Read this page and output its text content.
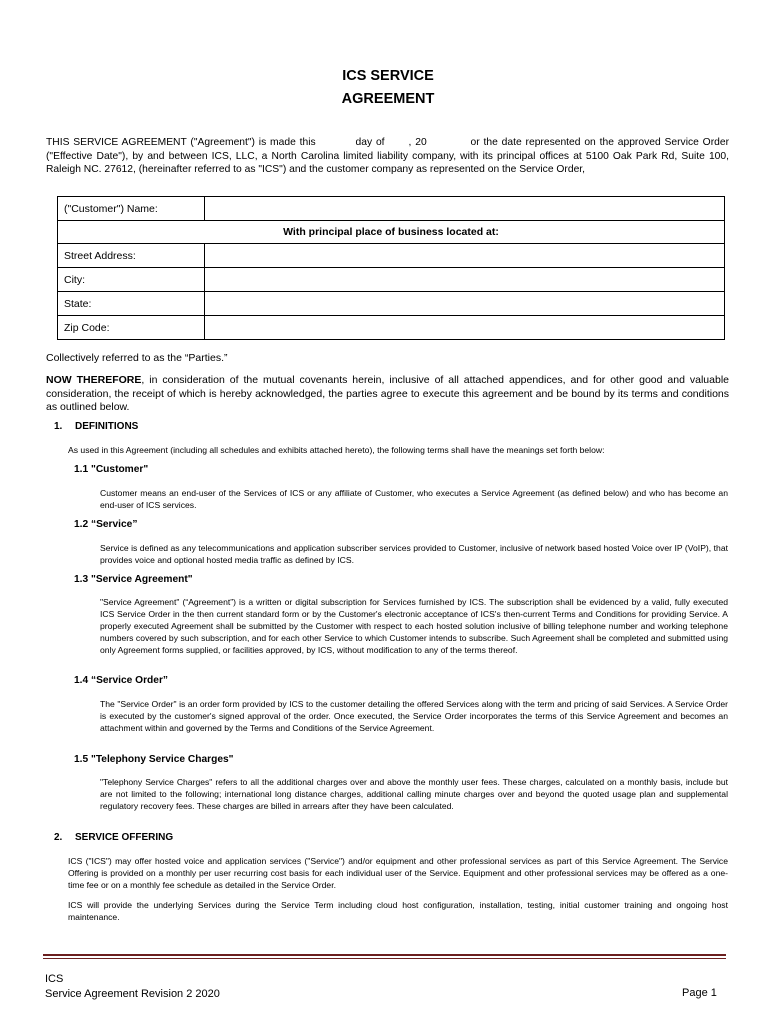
ICS SERVICE
AGREEMENT
THIS SERVICE AGREEMENT ("Agreement") is made this	day of , 20	or the date represented on the approved Service Order ("Effective Date"), by and between ICS, LLC, a North Carolina limited liability company, with its principal offices at 5100 Oak Park Rd, Suite 100, Raleigh NC. 27612, (hereinafter referred to as "ICS") and the customer company as represented on the Service Order,
("Customer") Name:	
With principal place of business located at:	
Street Address:	
City:	
State:	
Zip Code:	
Collectively referred to as the “Parties.”
NOW THEREFORE, in consideration of the mutual covenants herein, inclusive of all attached appendices, and for other good and valuable consideration, the receipt of which is hereby acknowledged, the parties agree to execute this agreement and be bound by its terms and conditions as outlined below.
1. DEFINITIONS
As used in this Agreement (including all schedules and exhibits attached hereto), the following terms shall have the meanings set forth below:
1.1 "Customer"
Customer means an end-user of the Services of ICS or any affiliate of Customer, who executes a Service Agreement (as defined below) and who has become an end-user of ICS services.
1.2 “Service”
Service is defined as any telecommunications and application subscriber services provided to Customer, inclusive of network based hosted Voice over IP (VoIP), that provides voice and optional hosted media traffic as defined by ICS.
1.3 "Service Agreement"
"Service Agreement" (“Agreement”) is a written or digital subscription for Services furnished by ICS. The subscription shall be evidenced by a valid, fully executed ICS Service Order in the then current standard form or by the Customer's electronic acceptance of ICS's then-current Terms and Conditions for providing Service. A properly executed Agreement shall be submitted by the Customer with respect to each hosted solution inclusive of billing telephone number and working telephone numbers covered by such subscription, and for each other Service to which Customer intends to subscribe. Such Agreement shall be completed and submitted using only Agreement forms supplied, or facilities approved, by ICS, without modification to any of the terms thereof.
1.4 “Service Order”
The "Service Order" is an order form provided by ICS to the customer detailing the offered Services along with the term and pricing of said Services. A Service Order is executed by the customer's signed approval of the order. Once executed, the Service Order incorporates the terms of this Service Agreement and becomes an attachment within and governed by the Terms and Conditions of the Service Agreement.
1.5 "Telephony Service Charges"
"Telephony Service Charges" refers to all the additional charges over and above the monthly user fees. These charges, calculated on a monthly basis, include but are not limited to the following; international long distance charges, additional calling minute charges over and beyond the quoted usage plan and supplemental regulatory recovery fees. These charges are billed in arrears after they have been calculated.
2. SERVICE OFFERING
ICS ("ICS") may offer hosted voice and application services ("Service") and/or equipment and other professional services as part of this Service Agreement. The Service Offering is provided on a monthly per user recurring cost basis for each individual user of the Service. Equipment and other professional services may be offered as a one-time fee or on a monthly fee schedule as detailed in the Service Order.
ICS will provide the underlying Services during the Service Term including cloud host configuration, installation, testing, initial customer training and ongoing host maintenance.
ICS
Service Agreement Revision 2 2020	Page 1
